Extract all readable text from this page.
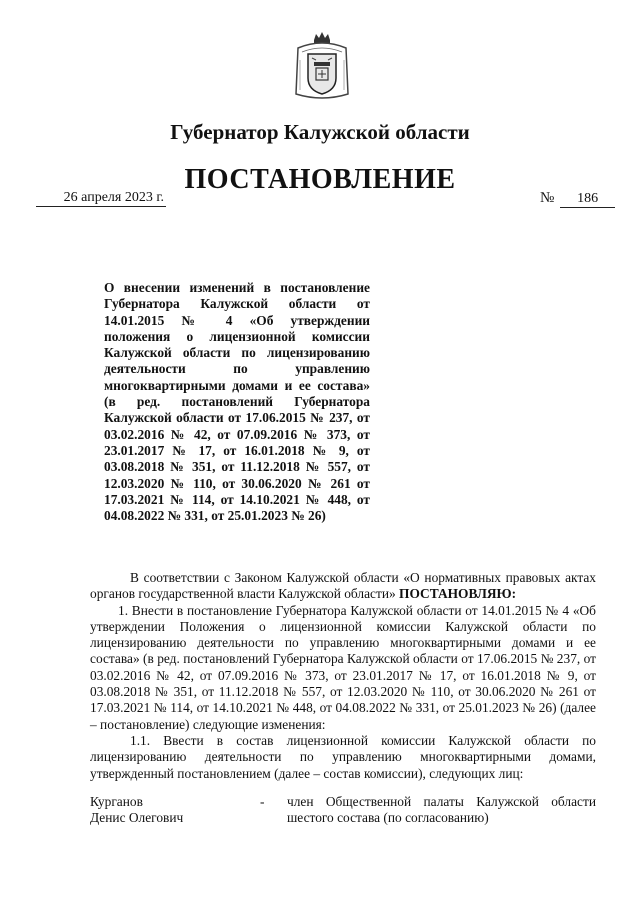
Губернатор Калужской области
ПОСТАНОВЛЕНИЕ
26 апреля 2023 г.	№ 186

О внесении изменений в постановление Губернатора Калужской области от 14.01.2015 № 4 «Об утверждении положения о лицензионной комиссии Калужской области по лицензированию деятельности по управлению многоквартирными домами и ее состава» (в ред. постановлений Губернатора Калужской области от 17.06.2015 № 237, от 03.02.2016 № 42, от 07.09.2016 № 373, от 23.01.2017 № 17, от 16.01.2018 № 9, от 03.08.2018 № 351, от 11.12.2018 № 557, от 12.03.2020 № 110, от 30.06.2020 № 261 от 17.03.2021 № 114, от 14.10.2021 № 448, от 04.08.2022 № 331, от 25.01.2023 № 26)

В соответствии с Законом Калужской области «О нормативных правовых актах органов государственной власти Калужской области» ПОСТАНОВЛЯЮ:

1. Внести в постановление Губернатора Калужской области от 14.01.2015 № 4 «Об утверждении Положения о лицензионной комиссии Калужской области по лицензированию деятельности по управлению многоквартирными домами и ее состава» (в ред. постановлений Губернатора Калужской области от 17.06.2015 № 237, от 03.02.2016 № 42, от 07.09.2016 № 373, от 23.01.2017 № 17, от 16.01.2018 № 9, от 03.08.2018 № 351, от 11.12.2018 № 557, от 12.03.2020 № 110, от 30.06.2020 № 261 от 17.03.2021 № 114, от 14.10.2021 № 448, от 04.08.2022 № 331, от 25.01.2023 № 26) (далее – постановление) следующие изменения:

1.1. Ввести в состав лицензионной комиссии Калужской области по лицензированию деятельности по управлению многоквартирными домами, утвержденный постановлением (далее – состав комиссии), следующих лиц:

Курганов
Денис Олегович
-	член Общественной палаты Калужской области шестого состава (по согласованию)
